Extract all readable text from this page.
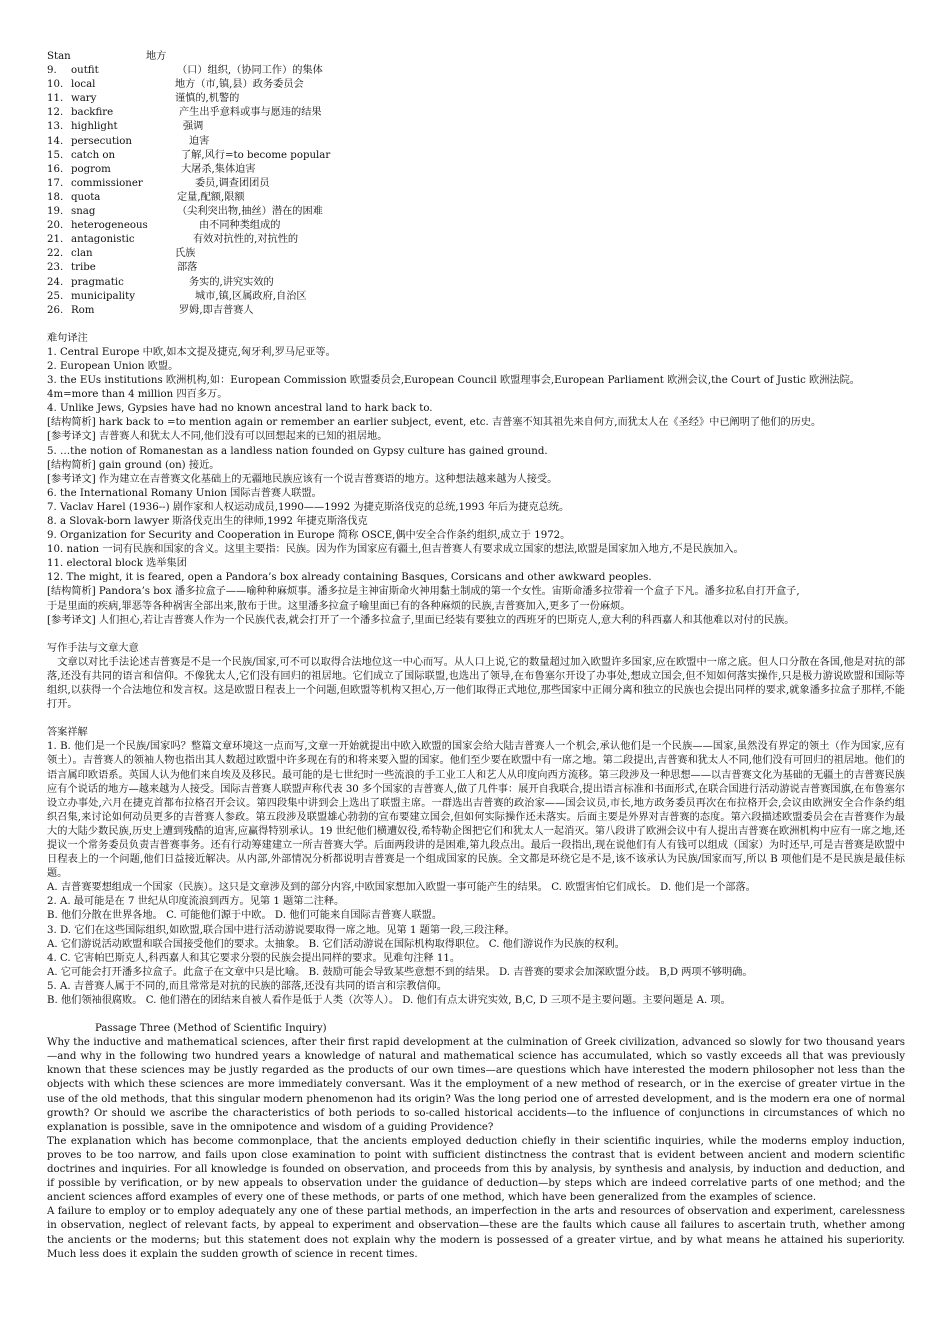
Stan	地方
9.	outfit	（口）组织,（协同工作）的集体
10. local	地方（市,镇,县）政务委员会
11. wary	谨慎的,机警的
12. backfire	产生出乎意料或事与愿违的结果
13. highlight	强调
14. persecution	迫害
15. catch on	了解,风行=to become popular
16. pogrom	大屠杀,集体迫害
17. commissioner	委员,调查团团员
18. quota	定量,配额,限额
19. snag	（尖利突出物,抽丝）潜在的困难
20. heterogeneous	由不同种类组成的
21. antagonistic	有效对抗性的,对抗性的
22. clan	氏族
23. tribe	部落
24. pragmatic	务实的,讲究实效的
25. municipality	城市,镇,区属政府,自治区
26. Rom	罗姆,即吉普赛人
难句译注
1. Central Europe 中欧,如本文提及捷克,匈牙利,罗马尼亚等。
2. European Union 欧盟。
3. the EUs institutions 欧洲机构,如：European Commission 欧盟委员会,European Council 欧盟理事会,European Parliament 欧洲会议,the Court of Justic 欧洲法院。
4m=more than 4 million 四百多万。
4. Unlike Jews, Gypsies have had no known ancestral land to hark back to.
[结构简析] hark back to =to mention again or remember an earlier subject, event, etc. 吉普塞不知其祖先来自何方,而犹太人在《圣经》中已阐明了他们的历史。
[参考译文] 吉普赛人和犹太人不同,他们没有可以回想起来的已知的祖居地。
5. …the notion of Romanestan as a landless nation founded on Gypsy culture has gained ground.
[结构简析] gain ground (on) 接近。
[参考译文] 作为建立在吉普赛文化基础上的无疆地民族应该有一个说吉普赛语的地方。这种想法越来越为人接受。
6. the International Romany Union 国际吉普赛人联盟。
7. Vaclav Harel (1936--) 剧作家和人权运动成员,1990——1992 为捷克斯洛伐克的总统,1993 年后为捷克总统。
8. a Slovak-born lawyer 斯洛伐克出生的律师,1992 年捷克斯洛伐克
9. Organization for Security and Cooperation in Europe 简称 OSCE,偶中安全合作条约组织,成立于 1972。
10. nation 一词有民族和国家的含义。这里主要指：民族。因为作为国家应有疆土,但吉普赛人有要求成立国家的想法,欧盟是国家加入地方,不是民族加入。
11. electoral block 选举集团
12. The might, it is feared, open a Pandora’s box already containing Basques, Corsicans and other awkward peoples.
[结构简析] Pandora’s box 潘多拉盒子——喻种种麻烦事。潘多拉是主神宙斯命火神用黏土制成的第一个女性。宙斯命潘多拉带着一个盒子下凡。潘多拉私自打开盒子,
于是里面的疾病,罪恶等各种祸害全部出来,散布于世。这里潘多拉盒子喻里面已有的各种麻烦的民族,吉普赛加入,更多了一份麻烦。
[参考译文] 人们担心,若让吉普赛人作为一个民族代表,就会打开了一个潘多拉盒子,里面已经装有要独立的西班牙的巴斯克人,意大利的科西嘉人和其他难以对付的民族。
写作手法与文章大意
　文章以对比手法论述吉普赛是不是一个民族/国家,可不可以取得合法地位这一中心而写。从人口上说,它的数量超过加入欧盟许多国家,应在欧盟中一席之底。但人口分散在各国,他是对抗的部落,还没有共同的语言和信仰。不像犹太人,它们没有回归的祖居地。它们成立了国际联盟,也选出了领导,在布鲁塞尔开设了办事处,想成立国会,但不知如何落实操作,只是极力游说欧盟和国际等组织,以获得一个合法地位和发言权。这是欧盟日程表上一个问题,但欧盟等机构又担心,万一他们取得正式地位,那些国家中正闹分离和独立的民族也会提出同样的要求,就象潘多拉盒子那样,不能打开。
答案祥解
1. B. 他们是一个民族/国家吗？整篇文章环境这一点而写,文章一开始就提出中欧入欧盟的国家会给大陆吉普赛人一个机会,承认他们是一个民族——国家,虽然没有界定的领土（作为国家,应有领土）。吉普赛人的领袖人物也指出其人数超过欧盟中许多现在有的和将来要入盟的国家。他们至少要在欧盟中有一席之地。第二段提出,吉普赛和犹太人不同,他们没有可回归的祖居地。他们的语言属印欧语系。英国人认为他们来自埃及及移民。最可能的是七世纪时一些流浪的手工业工人和艺人从印度向西方流移。第三段涉及一种思想——以吉普赛文化为基础的无疆土的吉普赛民族应有个说话的地方—越来越为人接受。国际吉普赛人联盟声称代表 30 多个国家的吉普赛人,做了几件事：展开自我联合,提出语言标准和书面形式,在联合国进行活动游说吉普赛国旗,在布鲁塞尔设立办事处,六月在捷克首都布拉格召开会议。第四段集中讲到会上选出了联盟主席。一群选出吉普赛的政治家——国会议员,市长,地方政务委员再次在布拉格开会,会议由欧洲安全合作条约组织召集,来讨论如何动员更多的吉普赛人参政。第五段涉及联盟雄心勃勃的宣布要建立国会,但如何实际操作还未落实。后面主要是外界对吉普赛的态度。第六段描述欧盟委员会在吉普赛作为最大的大陆少数民族,历史上遭到残酷的迫害,应赢得特别承认。19 世纪他们横遭奴役,希特勒企图把它们和犹太人一起消灭。第八段讲了欧洲会议中有人提出吉普赛在欧洲机构中应有一席之地,还提议一个常务委员负责吉普赛事务。还有行动筹建建立一所吉普赛大学。后面两段讲的是困难,第九段点出。最后一段指出,现在说他们有人有钱可以组成（国家）为时还早,可是吉普赛是欧盟中日程表上的一个问题,他们日益接近解决。从内部,外部情况分析都说明吉普赛是一个组成国家的民族。全文都是环绕它是不是,该不该承认为民族/国家而写,所以 B 项他们是不是民族是最佳标题。
A. 吉普赛要想组成一个国家（民族）。这只是文章涉及到的部分内容,中欧国家想加入欧盟一事可能产生的结果。 C. 欧盟害怕它们成长。 D. 他们是一个部落。
2. A. 最可能是在 7 世纪从印度流浪到西方。见第 1 题第二注释。
B. 他们分散在世界各地。 C. 可能他们源于中欧。 D. 他们可能来自国际吉普赛人联盟。
3. D. 它们在这些国际组织,如欧盟,联合国中进行活动游说要取得一席之地。见第 1 题第一段,三段注释。
A. 它们游说活动欧盟和联合国接受他们的要求。太抽象。 B. 它们活动游说在国际机构取得职位。 C. 他们游说作为民族的权利。
4. C. 它害帕巴斯克人,科西嘉人和其它要求分裂的民族会提出同样的要求。见难句注释 11。
A. 它可能会打开潘多拉盒子。此盒子在文章中只是比喻。 B. 鼓励可能会导致某些意想不到的结果。 D. 吉普赛的要求会加深欧盟分歧。 B,D 两项不够明确。
5. A. 吉普赛人属于不同的,而且常常是对抗的民族的部落,还没有共同的语言和宗教信仰。
B. 他们领袖很腐败。 C. 他们潜在的团结来自被人看作是低于人类（次等人）。 D. 他们有点太讲究实效, B,C, D 三项不是主要问题。主要问题是 A. 项。
Passage Three (Method of Scientific Inquiry)
Why the inductive and mathematical sciences, after their first rapid development at the culmination of Greek civilization, advanced so slowly for two thousand years—and why in the following two hundred years a knowledge of natural and mathematical science has accumulated, which so vastly exceeds all that was previously known that these sciences may be justly regarded as the products of our own times—are questions which have interested the modern philosopher not less than the objects with which these sciences are more immediately conversant. Was it the employment of a new method of research, or in the exercise of greater virtue in the use of the old methods, that this singular modern phenomenon had its origin? Was the long period one of arrested development, and is the modern era one of normal growth? Or should we ascribe the characteristics of both periods to so-called historical accidents—to the influence of conjunctions in circumstances of which no explanation is possible, save in the omnipotence and wisdom of a guiding Providence?
The explanation which has become commonplace, that the ancients employed deduction chiefly in their scientific inquiries, while the moderns employ induction, proves to be too narrow, and fails upon close examination to point with sufficient distinctness the contrast that is evident between ancient and modern scientific doctrines and inquiries. For all knowledge is founded on observation, and proceeds from this by analysis, by synthesis and analysis, by induction and deduction, and if possible by verification, or by new appeals to observation under the guidance of deduction—by steps which are indeed correlative parts of one method; and the ancient sciences afford examples of every one of these methods, or parts of one method, which have been generalized from the examples of science.
A failure to employ or to employ adequately any one of these partial methods, an imperfection in the arts and resources of observation and experiment, carelessness in observation, neglect of relevant facts, by appeal to experiment and observation—these are the faults which cause all failures to ascertain truth, whether among the ancients or the moderns; but this statement does not explain why the modern is possessed of a greater virtue, and by what means he attained his superiority. Much less does it explain the sudden growth of science in recent times.
